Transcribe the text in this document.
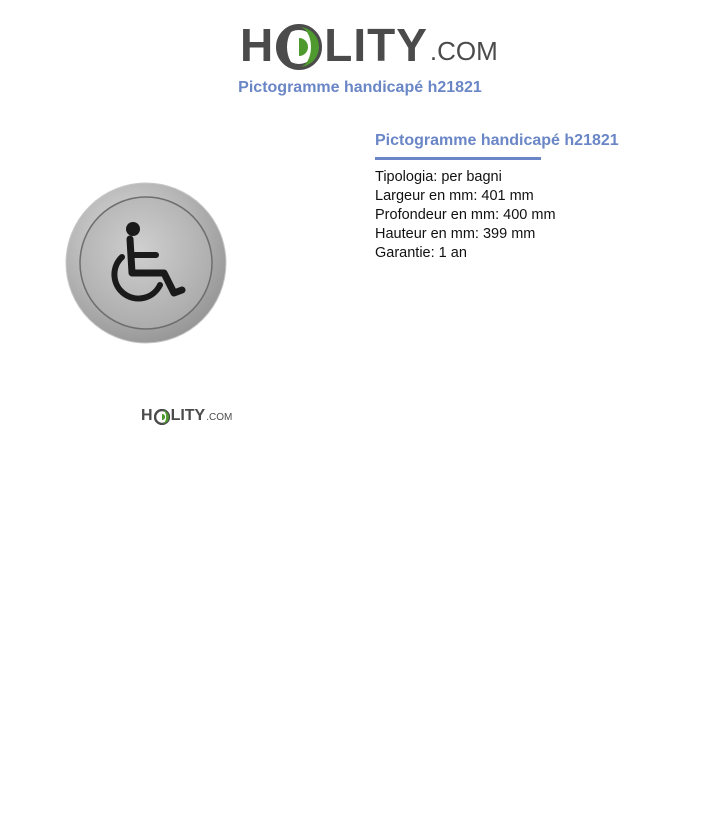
H LITY .COM
Pictogramme handicapé h21821
H LITY .COM
Pictogramme handicapé h21821
Tipologia: per bagni
Largeur en mm: 401 mm
Profondeur en mm: 400 mm
Hauteur en mm: 399 mm
Garantie: 1 an
